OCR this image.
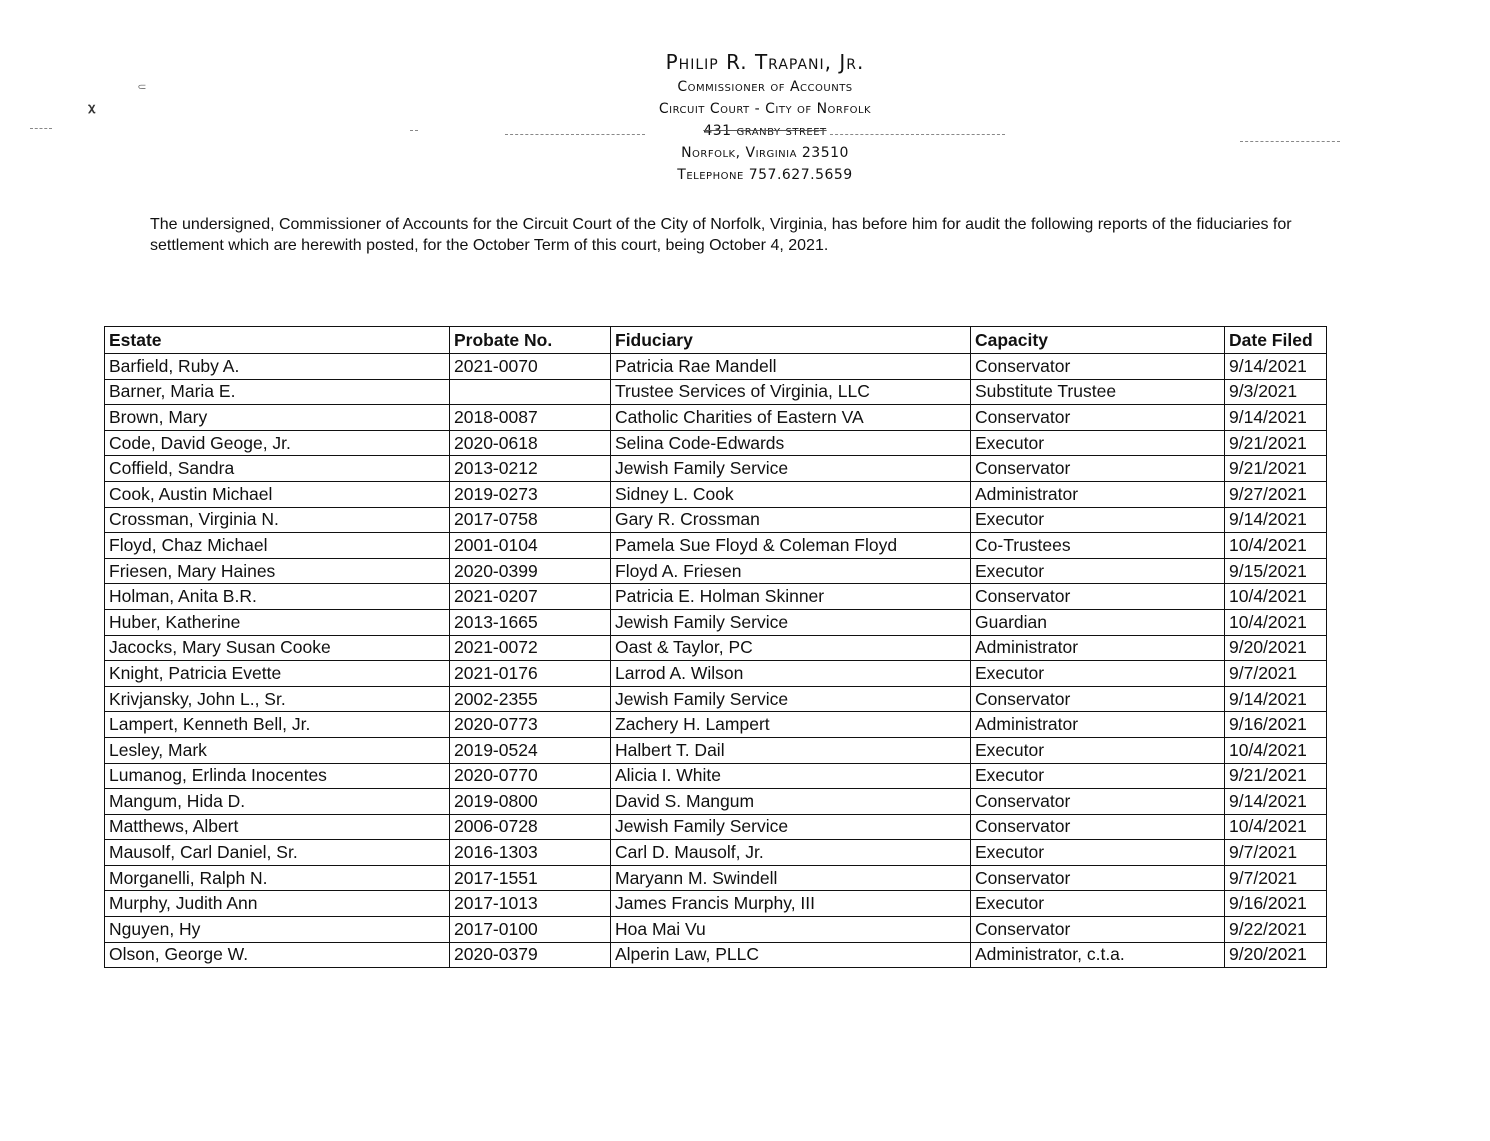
⸦
𝛘
Philip R. Trapani, Jr.
Commissioner of Accounts
Circuit Court - City of Norfolk
431 granby street
Norfolk, Virginia 23510
Telephone 757.627.5659
The undersigned, Commissioner of Accounts for the Circuit Court of the City of Norfolk, Virginia, has before him for audit the following reports of the fiduciaries for settlement which are herewith posted, for the October Term of this court, being October 4, 2021.
Estate	Probate No.	Fiduciary	Capacity	Date Filed
Barfield, Ruby A.	2021-0070	Patricia Rae Mandell	Conservator	9/14/2021
Barner, Maria E.		Trustee Services of Virginia, LLC	Substitute Trustee	9/3/2021
Brown, Mary	2018-0087	Catholic Charities of Eastern VA	Conservator	9/14/2021
Code, David Geoge, Jr.	2020-0618	Selina Code-Edwards	Executor	9/21/2021
Coffield, Sandra	2013-0212	Jewish Family Service	Conservator	9/21/2021
Cook, Austin Michael	2019-0273	Sidney L. Cook	Administrator	9/27/2021
Crossman, Virginia N.	2017-0758	Gary R. Crossman	Executor	9/14/2021
Floyd, Chaz Michael	2001-0104	Pamela Sue Floyd & Coleman Floyd	Co-Trustees	10/4/2021
Friesen, Mary Haines	2020-0399	Floyd A. Friesen	Executor	9/15/2021
Holman, Anita B.R.	2021-0207	Patricia E. Holman Skinner	Conservator	10/4/2021
Huber, Katherine	2013-1665	Jewish Family Service	Guardian	10/4/2021
Jacocks, Mary Susan Cooke	2021-0072	Oast & Taylor, PC	Administrator	9/20/2021
Knight, Patricia Evette	2021-0176	Larrod A. Wilson	Executor	9/7/2021
Krivjansky, John L., Sr.	2002-2355	Jewish Family Service	Conservator	9/14/2021
Lampert, Kenneth Bell, Jr.	2020-0773	Zachery H. Lampert	Administrator	9/16/2021
Lesley, Mark	2019-0524	Halbert T. Dail	Executor	10/4/2021
Lumanog, Erlinda Inocentes	2020-0770	Alicia I. White	Executor	9/21/2021
Mangum, Hida D.	2019-0800	David S. Mangum	Conservator	9/14/2021
Matthews, Albert	2006-0728	Jewish Family Service	Conservator	10/4/2021
Mausolf, Carl Daniel, Sr.	2016-1303	Carl D. Mausolf, Jr.	Executor	9/7/2021
Morganelli, Ralph N.	2017-1551	Maryann M. Swindell	Conservator	9/7/2021
Murphy, Judith Ann	2017-1013	James Francis Murphy, III	Executor	9/16/2021
Nguyen, Hy	2017-0100	Hoa Mai Vu	Conservator	9/22/2021
Olson, George W.	2020-0379	Alperin Law, PLLC	Administrator, c.t.a.	9/20/2021
